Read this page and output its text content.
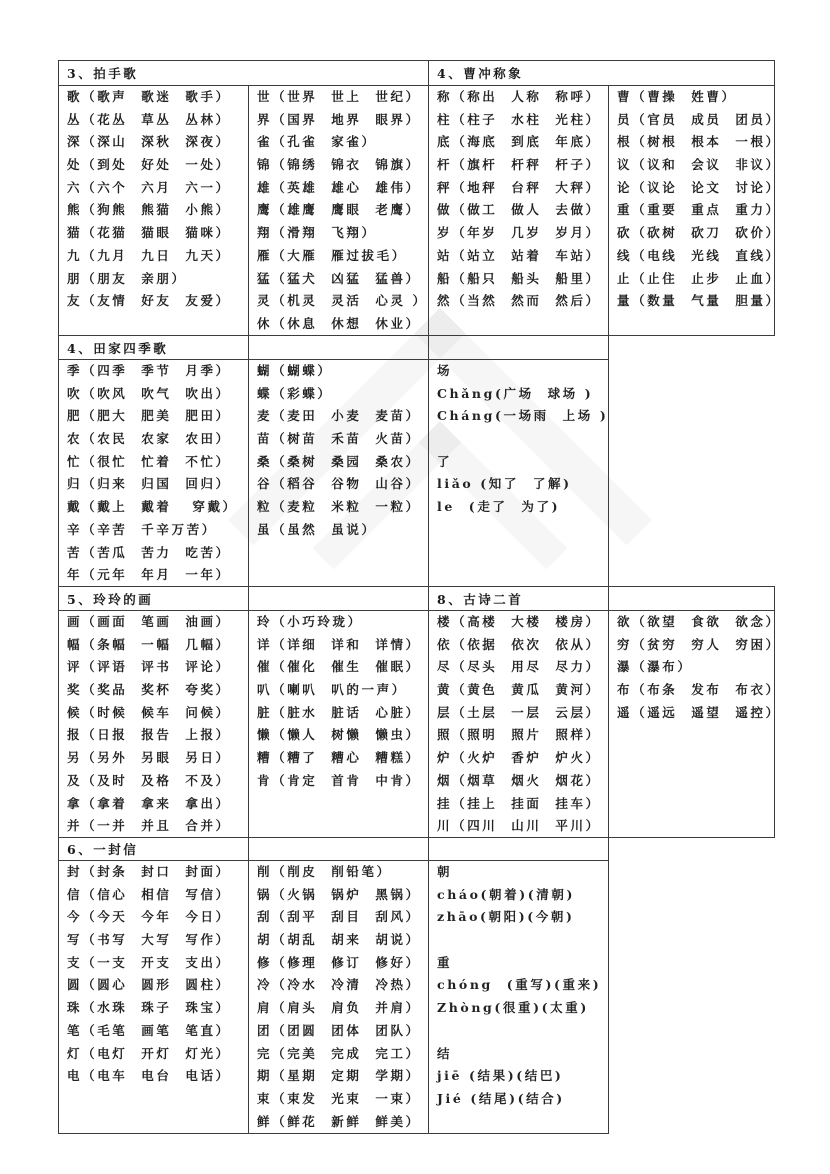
3、拍手歌	4、曹冲称象
歌（歌声  歌迷  歌手）
丛（花丛  草丛  丛林）
深（深山  深秋  深夜）
处（到处  好处  一处）
六（六个  六月  六一）
熊（狗熊  熊猫  小熊）
猫（花猫  猫眼  猫咪）
九（九月  九日  九天）
朋（朋友  亲朋）
友（友情  好友  友爱）
世（世界  世上  世纪）
界（国界  地界  眼界）
雀（孔雀  家雀）
锦（锦绣  锦衣  锦旗）
雄（英雄  雄心  雄伟）
鹰（雄鹰  鹰眼  老鹰）
翔（滑翔  飞翔）
雁（大雁  雁过拔毛）
猛（猛犬  凶猛  猛兽）
灵（机灵  灵活  心灵 ）
休（休息  休想  休业）
称（称出  人称  称呼）
柱（柱子  水柱  光柱）
底（海底  到底  年底）
杆（旗杆  杆秤  杆子）
秤（地秤  台秤  大秤）
做（做工  做人  去做）
岁（年岁  几岁  岁月）
站（站立  站着  车站）
船（船只  船头  船里）
然（当然  然而  然后）
曹（曹操  姓曹）
员（官员  成员  团员）
根（树根  根本  一根）
议（议和  会议  非议）
论（议论  论文  讨论）
重（重要  重点  重力）
砍（砍树  砍刀  砍价）
线（电线  光线  直线）
止（止住  止步  止血）
量（数量  气量  胆量）
4、田家四季歌
季（四季  季节  月季）
吹（吹风  吹气  吹出）
肥（肥大  肥美  肥田）
农（农民  农家  农田）
忙（很忙  忙着  不忙）
归（归来  归国  回归）
戴（戴上  戴着   穿戴）
辛（辛苦  千辛万苦）
苦（苦瓜  苦力  吃苦）
年（元年  年月  一年）
蝴（蝴蝶）
蝶（彩蝶）
麦（麦田  小麦  麦苗）
苗（树苗  禾苗  火苗）
桑（桑树  桑园  桑农）
谷（稻谷  谷物  山谷）
粒（麦粒  米粒  一粒）
虽（虽然  虽说）
场
Chǎng(广场  球场 )
Cháng(一场雨  上场 )
了
liǎo (知了  了解)
le  (走了  为了)
5、玲玲的画	8、古诗二首
画（画面  笔画  油画）
幅（条幅  一幅  几幅）
评（评语  评书  评论）
奖（奖品  奖杯  夸奖）
候（时候  候车  问候）
报（日报  报告  上报）
另（另外  另眼  另日）
及（及时  及格  不及）
拿（拿着  拿来  拿出）
并（一并  并且  合并）
玲（小巧玲珑）
详（详细  详和  详情）
催（催化  催生  催眠）
叭（喇叭  叭的一声）
脏（脏水  脏话  心脏）
懒（懒人  树懒  懒虫）
糟（糟了  糟心  糟糕）
肯（肯定  首肯  中肯）
楼（高楼  大楼  楼房）
依（依据  依次  依从）
尽（尽头  用尽  尽力）
黄（黄色  黄瓜  黄河）
层（土层  一层  云层）
照（照明  照片  照样）
炉（火炉  香炉  炉火）
烟（烟草  烟火  烟花）
挂（挂上  挂面  挂车）
川（四川  山川  平川）
欲（欲望  食欲  欲念）
穷（贫穷  穷人  穷困）
瀑（瀑布）
布（布条  发布  布衣）
遥（遥远  遥望  遥控）
6、一封信
封（封条  封口  封面）
信（信心  相信  写信）
今（今天  今年  今日）
写（书写  大写  写作）
支（一支  开支  支出）
圆（圆心  圆形  圆柱）
珠（水珠  珠子  珠宝）
笔（毛笔  画笔  笔直）
灯（电灯  开灯  灯光）
电（电车  电台  电话）
削（削皮  削铅笔）
锅（火锅  锅炉  黑锅）
刮（刮平  刮目  刮风）
胡（胡乱  胡来  胡说）
修（修理  修订  修好）
冷（冷水  冷清  冷热）
肩（肩头  肩负  并肩）
团（团圆  团体  团队）
完（完美  完成  完工）
期（星期  定期  学期）
束（束发  光束  一束）
鲜（鲜花  新鲜  鲜美）
朝
cháo(朝着)(清朝)
zhāo(朝阳)(今朝)
重
chóng  (重写)(重来)
Zhòng(很重)(太重)
结
jiē (结果)(结巴)
Jié (结尾)(结合)
